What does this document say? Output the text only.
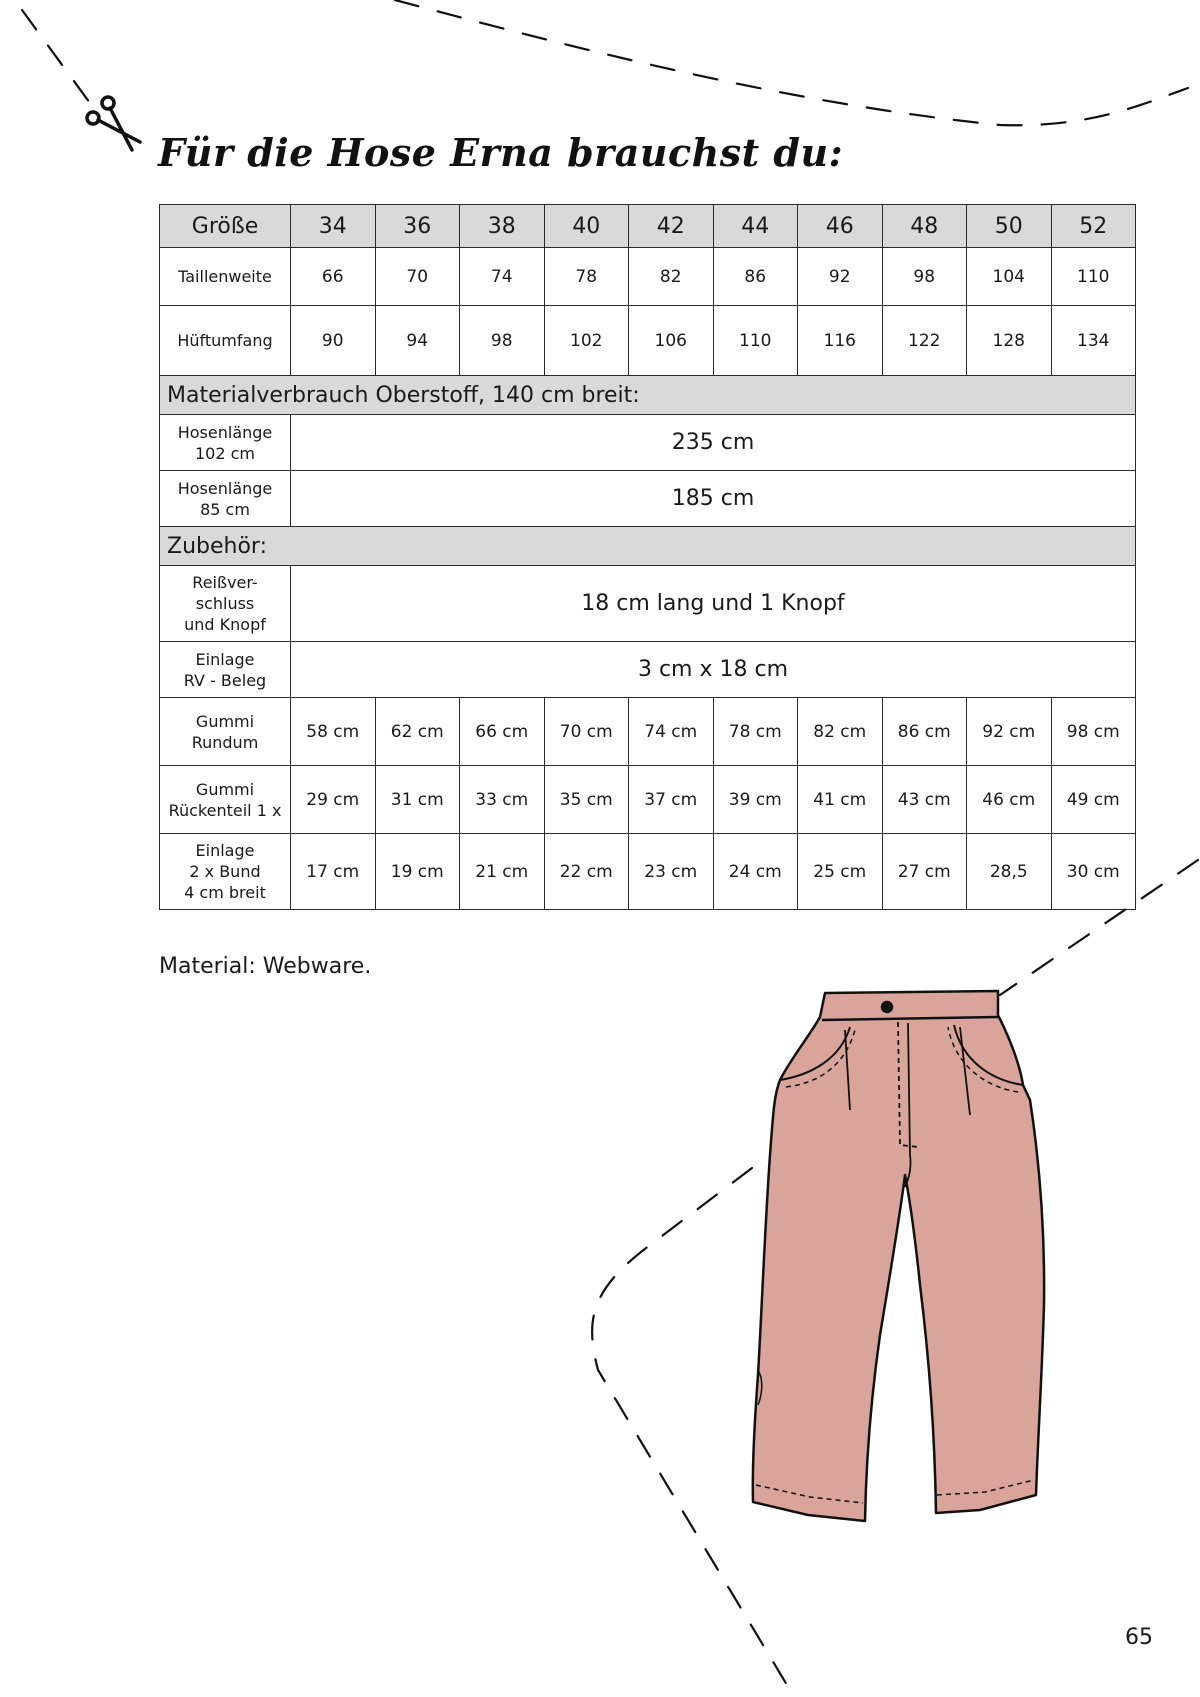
Für die Hose Erna brauchst du:
Größe	34	36	38	40	42	44	46	48	50	52
Taillenweite	66	70	74	78	82	86	92	98	104	110
Hüftumfang	90	94	98	102	106	110	116	122	128	134
Materialverbrauch Oberstoff, 140 cm breit:										
Hosenlänge
102 cm	235 cm									
Hosenlänge
85 cm	185 cm									
Zubehör:										
Reißver-
schluss
und Knopf	18 cm lang und 1 Knopf									
Einlage
RV - Beleg	3 cm x 18 cm									
Gummi
Rundum	58 cm	62 cm	66 cm	70 cm	74 cm	78 cm	82 cm	86 cm	92 cm	98 cm
Gummi
Rückenteil 1 x	29 cm	31 cm	33 cm	35 cm	37 cm	39 cm	41 cm	43 cm	46 cm	49 cm
Einlage
2 x Bund
4 cm breit	17 cm	19 cm	21 cm	22 cm	23 cm	24 cm	25 cm	27 cm	28,5	30 cm

Material: Webware.

65
